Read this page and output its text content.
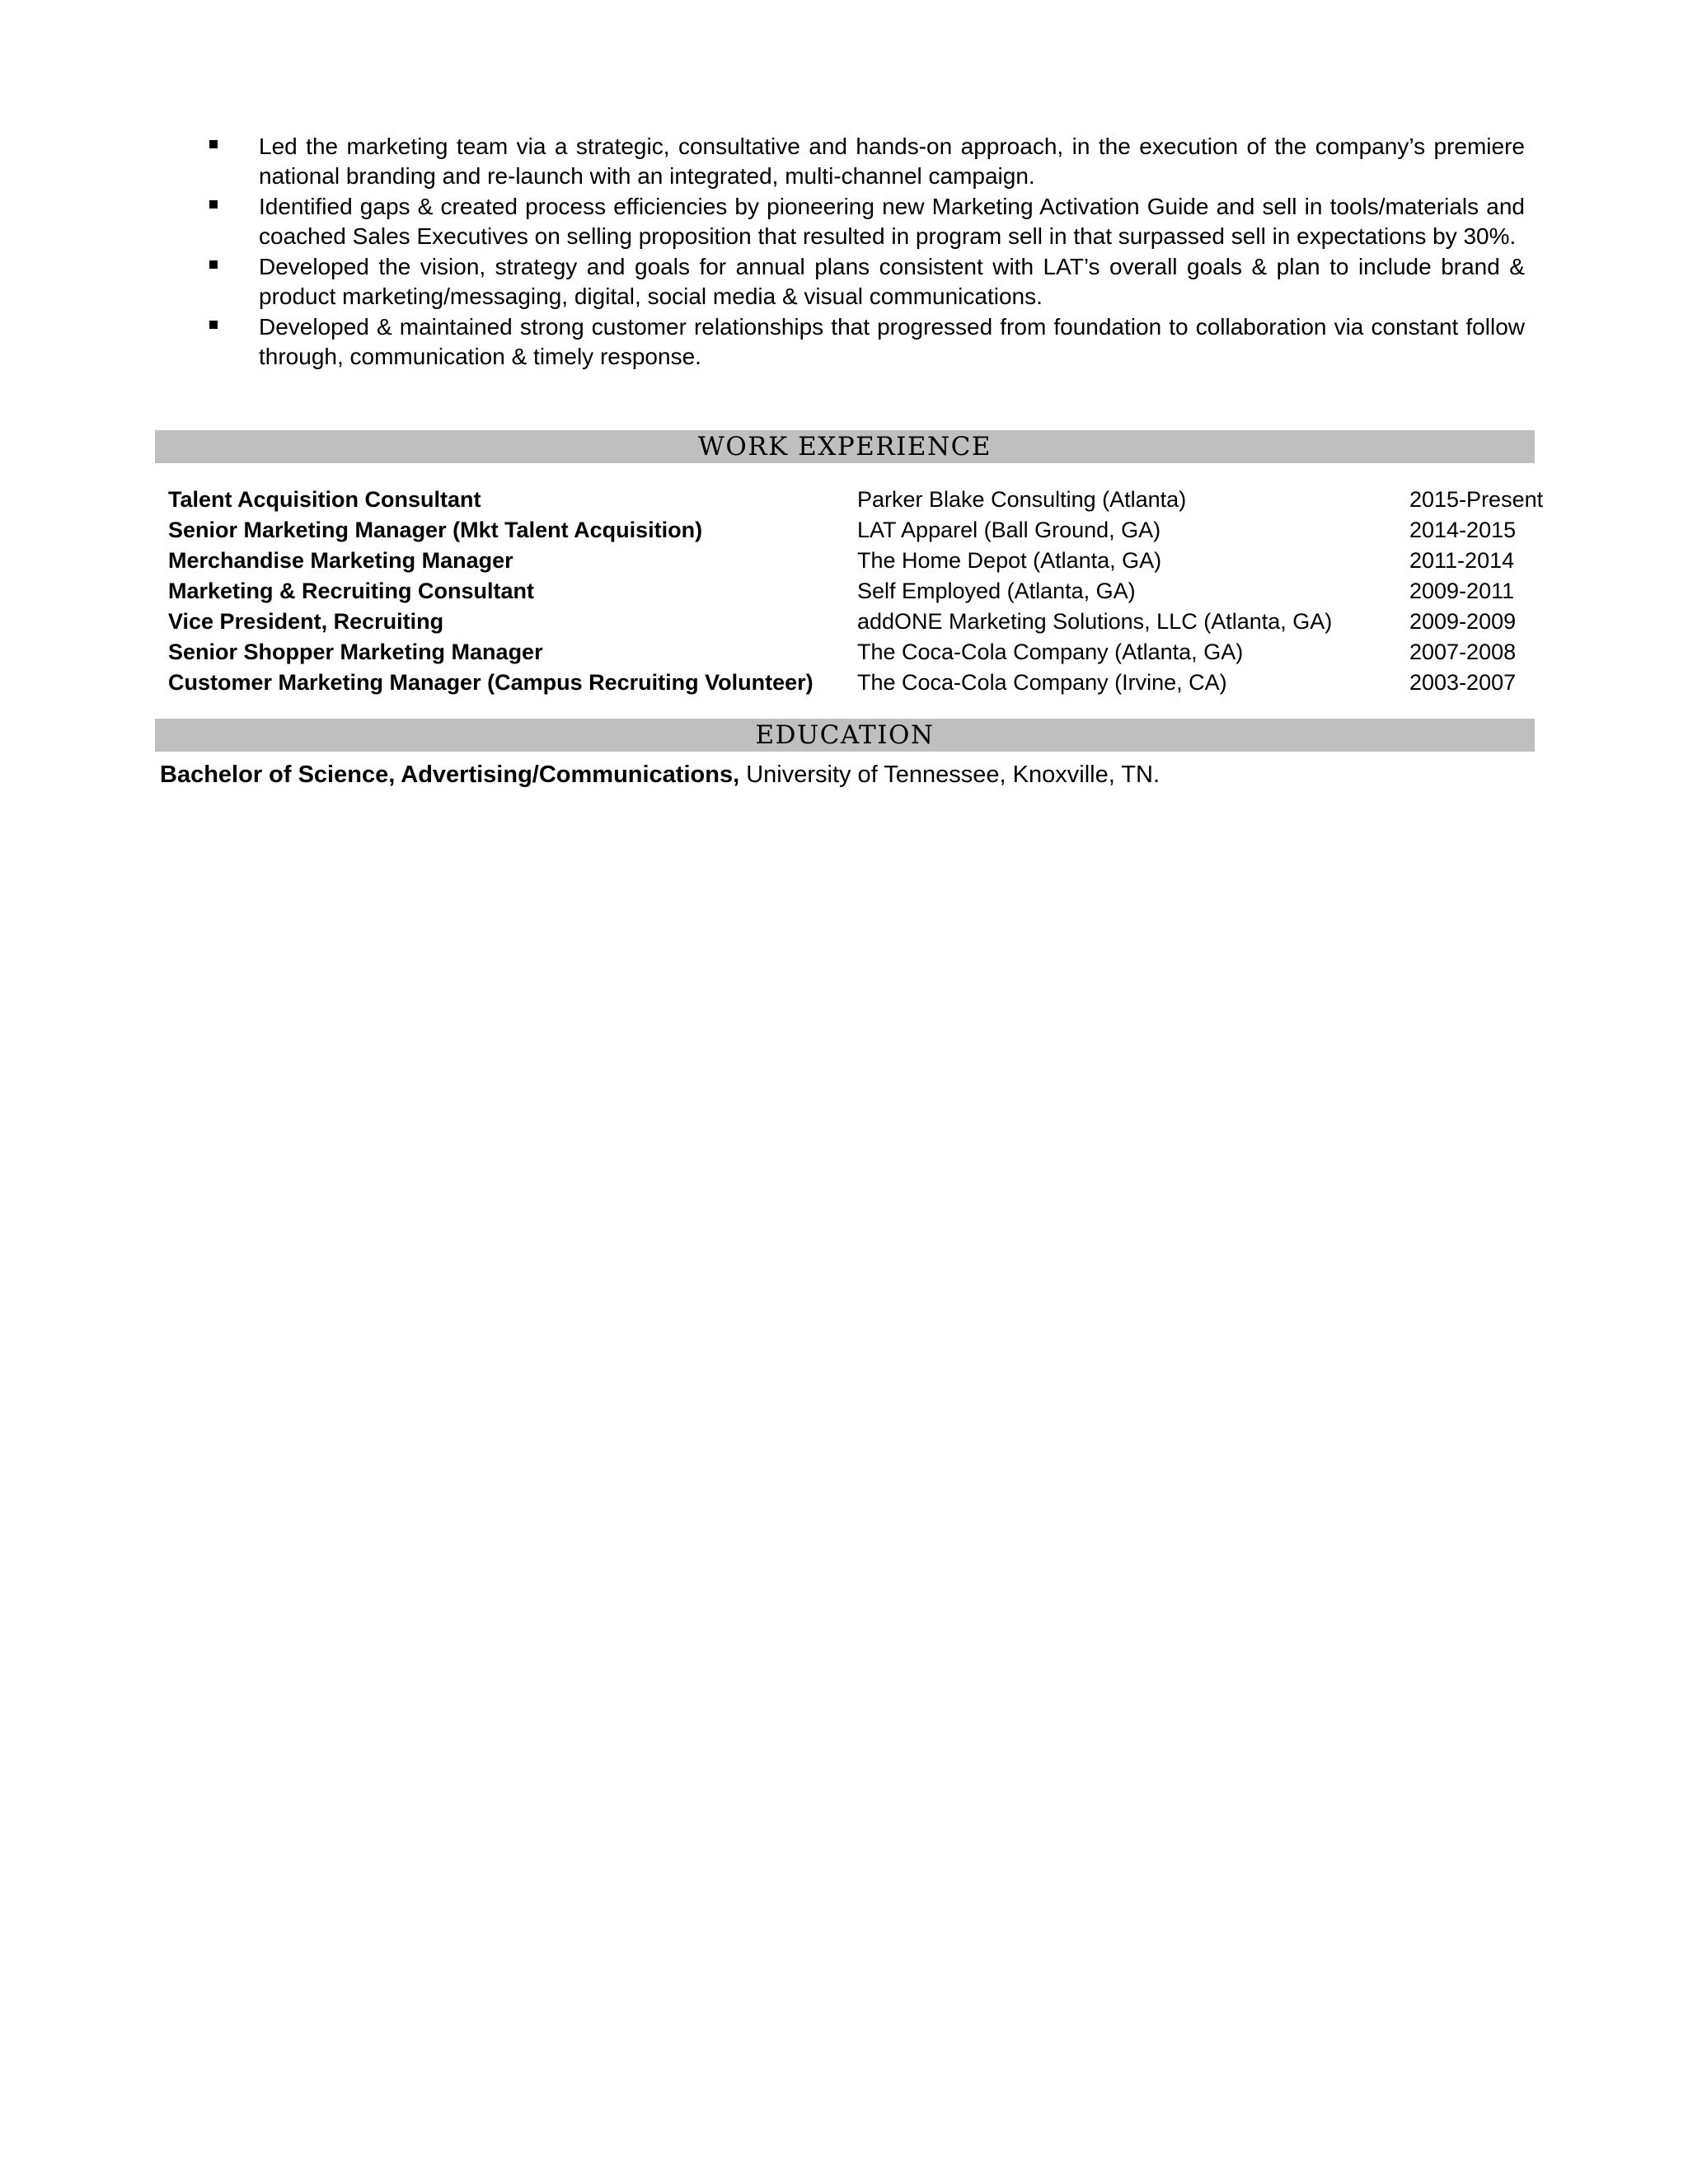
Led the marketing team via a strategic, consultative and hands-on approach, in the execution of the company’s premiere national branding and re-launch with an integrated, multi-channel campaign.
Identified gaps & created process efficiencies by pioneering new Marketing Activation Guide and sell in tools/materials and coached Sales Executives on selling proposition that resulted in program sell in that surpassed sell in expectations by 30%.
Developed the vision, strategy and goals for annual plans consistent with LAT’s overall goals & plan to include brand & product marketing/messaging, digital, social media & visual communications.
Developed & maintained strong customer relationships that progressed from foundation to collaboration via constant follow through, communication & timely response.
WORK EXPERIENCE
Talent Acquisition Consultant	Parker Blake Consulting (Atlanta)	2015-Present
Senior Marketing Manager (Mkt Talent Acquisition)	LAT Apparel (Ball Ground, GA)	2014-2015
Merchandise Marketing Manager	The Home Depot (Atlanta, GA)	2011-2014
Marketing & Recruiting Consultant	Self Employed (Atlanta, GA)	2009-2011
Vice President, Recruiting	addONE Marketing Solutions, LLC (Atlanta, GA)	2009-2009
Senior Shopper Marketing Manager	The Coca-Cola Company (Atlanta, GA)	2007-2008
Customer Marketing Manager (Campus Recruiting Volunteer)	The Coca-Cola Company (Irvine, CA)	2003-2007
EDUCATION
Bachelor of Science, Advertising/Communications, University of Tennessee, Knoxville, TN.
